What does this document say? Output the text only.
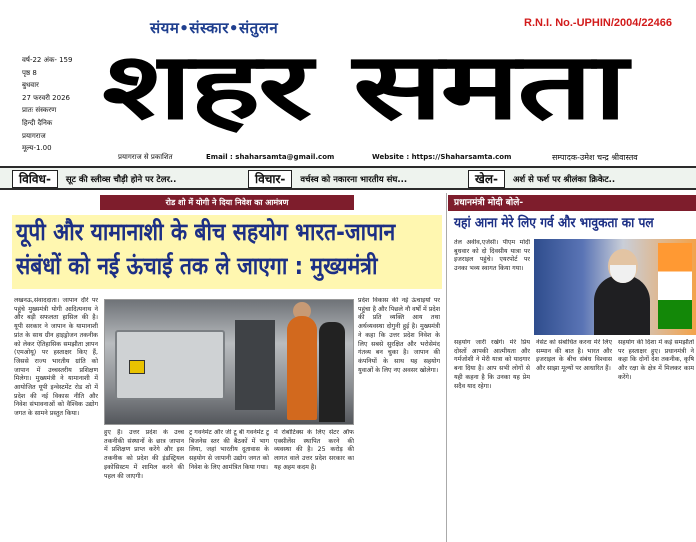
संयम•संस्कार•संतुलन	R.N.I. No.-UPHIN/2004/22466
वर्ष-22 अंक- 159
पृष्ठ 8
बुधवार
27 फरवरी 2026
प्रातः संस्करण
हिन्दी दैनिक
प्रयागराज
मूल्य-1.00
शहर समता
प्रयागराज से प्रकाशित	Email : shaharsamta@gmail.com	Website : https://Shaharsamta.com	सम्पादक-उमेश चन्द्र श्रीवास्तव
विविध-	सूट की स्लीव्स चौड़ी होने पर टेलर..	विचार-	वर्चस्व को नकारना भारतीय संघ...	खेल-	अर्श से फर्श पर श्रीलंका क्रिकेट..
रोड शो में योगी ने दिया निवेश का आमंत्रण
यूपी और यामानाशी के बीच सहयोग भारत-जापान
संबंधों को नई ऊंचाई तक ले जाएगा : मुख्यमंत्री
लखनऊ,संवाददाता। जापान दौरे पर पहुंचे मुख्यमंत्री योगी आदित्यनाथ ने और बड़ी सफलता हासिल की है। यूपी सरकार ने जापान के यामानाशी प्रांत के साथ ग्रीन हाइड्रोजन तकनीक को लेकर ऐतिहासिक समझौता ज्ञापन (एमओयू) पर हस्ताक्षर किए हैं, जिससे राज्य भारतीय ग्रांति को जापान में उच्चस्तरीय प्रशिक्षण मिलेगा। मुख्यमंत्री ने यामानाशी में आयोजित यूपी इन्वेस्टमेंट रोड शो में प्रदेश की नई विकास नीति और निवेश संभावनाओं को वैश्विक उद्योग जगत के सामने प्रस्तुत किया।
हुए हैं। उत्तर प्रदेश के उच्च तकनीकी संस्थानों के छात्र जापान में प्रशिक्षण प्राप्त करेंगे और इस तकनीक को प्रदेश की इंडस्ट्रियल इकोसिस्टम में शामिल करने की पहल की जाएगी।
ट्र गवर्नमेंट और जी टू बी गवर्नमेंट टू बिजनेस स्तर की बैठकों में भाग लिया, जहां भारतीय दूतावास के सहयोग से जापानी उद्योग जगत को निवेश के लिए आमंत्रित किया गया।
में रोबोटिक्स के लिए सेंटर ऑफ एक्सीलेंस स्थापित करने की व्यवस्था की है। 25 करोड़ की लागत वाले उत्तर प्रदेश सरकार का यह अहम कदम है।
प्रदेश विकास की नई ऊंचाइयों पर पहुंचा है और पिछले नौ वर्षों में प्रदेश की प्रति व्यक्ति आय तथा अर्थव्यवस्था दोगुनी हुई है। मुख्यमंत्री ने कहा कि उत्तर प्रदेश निवेश के लिए सबसे सुरक्षित और भरोसेमंद गंतव्य बन चुका है। जापान की कंपनियों के साथ यह सहयोग युवाओं के लिए नए अवसर खोलेगा।
प्रधानमंत्री मोदी बोले-
यहां आना मेरे लिए गर्व और भावुकता का पल
तेल अवीव,एजेंसी। पीएम मोदी बुधवार को दो दिवसीय यात्रा पर इजराइल पहुंचे। एयरपोर्ट पर उनका भव्य स्वागत किया गया।
सहयोग जारी रखेंगे। मेरे प्रिय दोस्तों आपकी आत्मीयता और गर्मजोशी ने मेरी यात्रा को यादगार बना दिया है। आप सभी लोगों से यही कहना है कि उनका यह प्रेम सदैव याद रहेगा।
नेसेट को संबोधित करना मेरे लिए सम्मान की बात है। भारत और इजराइल के बीच संबंध विश्वास और साझा मूल्यों पर आधारित हैं।
सहयोग की दिशा में कई समझौतों पर हस्ताक्षर हुए। प्रधानमंत्री ने कहा कि दोनों देश तकनीक, कृषि और रक्षा के क्षेत्र में मिलकर काम करेंगे।
